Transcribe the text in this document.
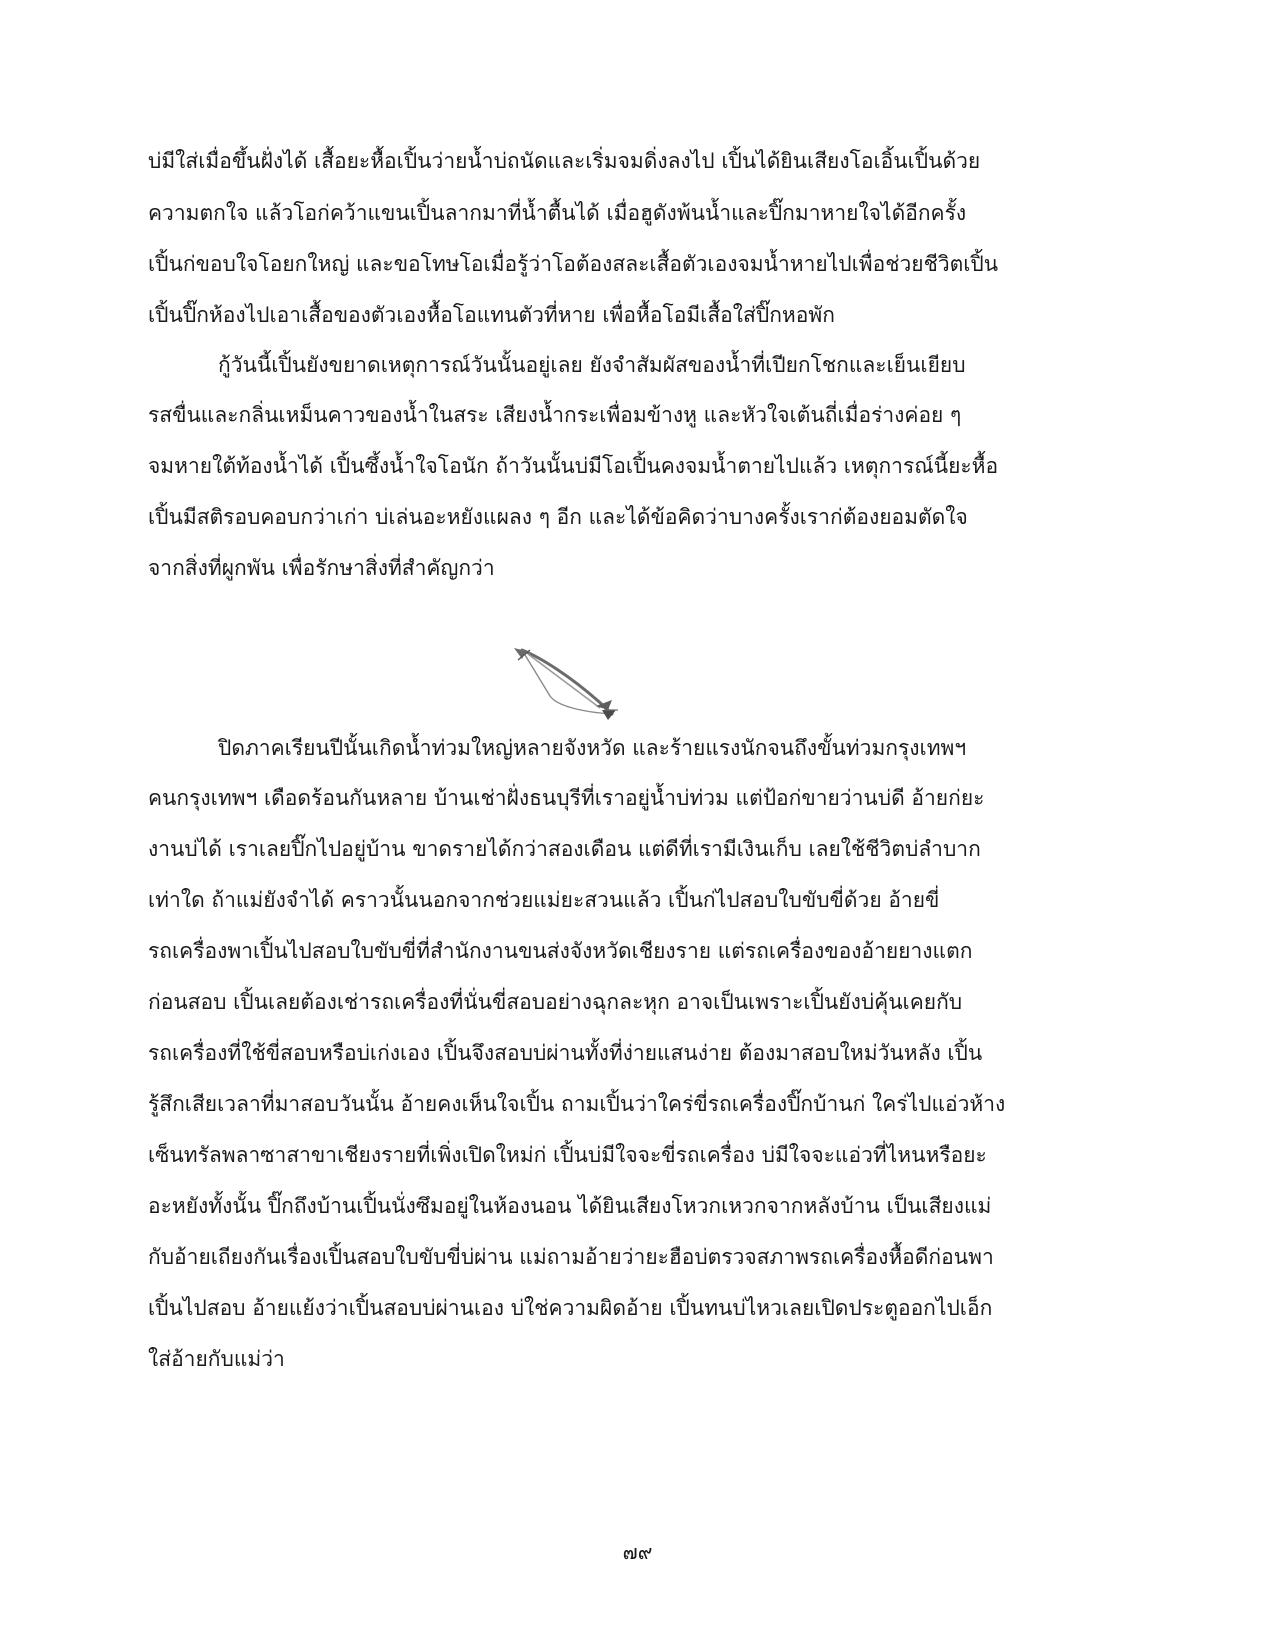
บ่มีใส่เมื่อขึ้นฝั่งได้ เสื้อยะหื้อเปิ้นว่ายน้ำบ่ถนัดและเริ่มจมดิ่งลงไป เปิ้นได้ยินเสียงโอเอิ้นเปิ้นด้วย
ความตกใจ แล้วโอก่คว้าแขนเปิ้นลากมาที่น้ำตื้นได้ เมื่อฮูดังพ้นน้ำและปิ๊กมาหายใจได้อีกครั้ง
เปิ้นก่ขอบใจโอยกใหญ่ และขอโทษโอเมื่อรู้ว่าโอต้องสละเสื้อตัวเองจมน้ำหายไปเพื่อช่วยชีวิตเปิ้น
เปิ้นปิ๊กห้องไปเอาเสื้อของตัวเองหื้อโอแทนตัวที่หาย เพื่อหื้อโอมีเสื้อใส่ปิ๊กหอพัก
กู้วันนี้เปิ้นยังขยาดเหตุการณ์วันนั้นอยู่เลย ยังจำสัมผัสของน้ำที่เปียกโชกและเย็นเยียบ
รสขื่นและกลิ่นเหม็นคาวของน้ำในสระ เสียงน้ำกระเพื่อมข้างหู และหัวใจเต้นถี่เมื่อร่างค่อย ๆ
จมหายใต้ท้องน้ำได้ เปิ้นซึ้งน้ำใจโอนัก ถ้าวันนั้นบ่มีโอเปิ้นคงจมน้ำตายไปแล้ว เหตุการณ์นี้ยะหื้อ
เปิ้นมีสติรอบคอบกว่าเก่า บ่เล่นอะหยังแผลง ๆ อีก และได้ข้อคิดว่าบางครั้งเราก่ต้องยอมตัดใจ
จากสิ่งที่ผูกพัน เพื่อรักษาสิ่งที่สำคัญกว่า
ปิดภาคเรียนปีนั้นเกิดน้ำท่วมใหญ่หลายจังหวัด และร้ายแรงนักจนถึงขั้นท่วมกรุงเทพฯ
คนกรุงเทพฯ เดือดร้อนกันหลาย บ้านเช่าฝั่งธนบุรีที่เราอยู่น้ำบ่ท่วม แต่ป้อก่ขายว่านบ่ดี อ้ายก่ยะ
งานบ่ได้ เราเลยปิ๊กไปอยู่บ้าน ขาดรายได้กว่าสองเดือน แต่ดีที่เรามีเงินเก็บ เลยใช้ชีวิตบ่ลำบาก
เท่าใด ถ้าแม่ยังจำได้ คราวนั้นนอกจากช่วยแม่ยะสวนแล้ว เปิ้นก่ไปสอบใบขับขี่ด้วย อ้ายขี่
รถเครื่องพาเปิ้นไปสอบใบขับขี่ที่สำนักงานขนส่งจังหวัดเชียงราย แต่รถเครื่องของอ้ายยางแตก
ก่อนสอบ เปิ้นเลยต้องเช่ารถเครื่องที่นั่นขี่สอบอย่างฉุกละหุก อาจเป็นเพราะเปิ้นยังบ่คุ้นเคยกับ
รถเครื่องที่ใช้ขี่สอบหรือบ่เก่งเอง เปิ้นจึงสอบบ่ผ่านทั้งที่ง่ายแสนง่าย ต้องมาสอบใหม่วันหลัง เปิ้น
รู้สึกเสียเวลาที่มาสอบวันนั้น อ้ายคงเห็นใจเปิ้น ถามเปิ้นว่าใคร่ขี่รถเครื่องปิ๊กบ้านก่ ใคร่ไปแอ่วห้าง
เซ็นทรัลพลาซาสาขาเชียงรายที่เพิ่งเปิดใหม่ก่ เปิ้นบ่มีใจจะขี่รถเครื่อง บ่มีใจจะแอ่วที่ไหนหรือยะ
อะหยังทั้งนั้น ปิ๊กถึงบ้านเปิ้นนั่งซึมอยู่ในห้องนอน ได้ยินเสียงโหวกเหวกจากหลังบ้าน เป็นเสียงแม่
กับอ้ายเถียงกันเรื่องเปิ้นสอบใบขับขี่บ่ผ่าน แม่ถามอ้ายว่ายะฮือบ่ตรวจสภาพรถเครื่องหื้อดีก่อนพา
เปิ้นไปสอบ อ้ายแย้งว่าเปิ้นสอบบ่ผ่านเอง บ่ใช่ความผิดอ้าย เปิ้นทนบ่ไหวเลยเปิดประตูออกไปเอ็ก
ใส่อ้ายกับแม่ว่า
๗๙
